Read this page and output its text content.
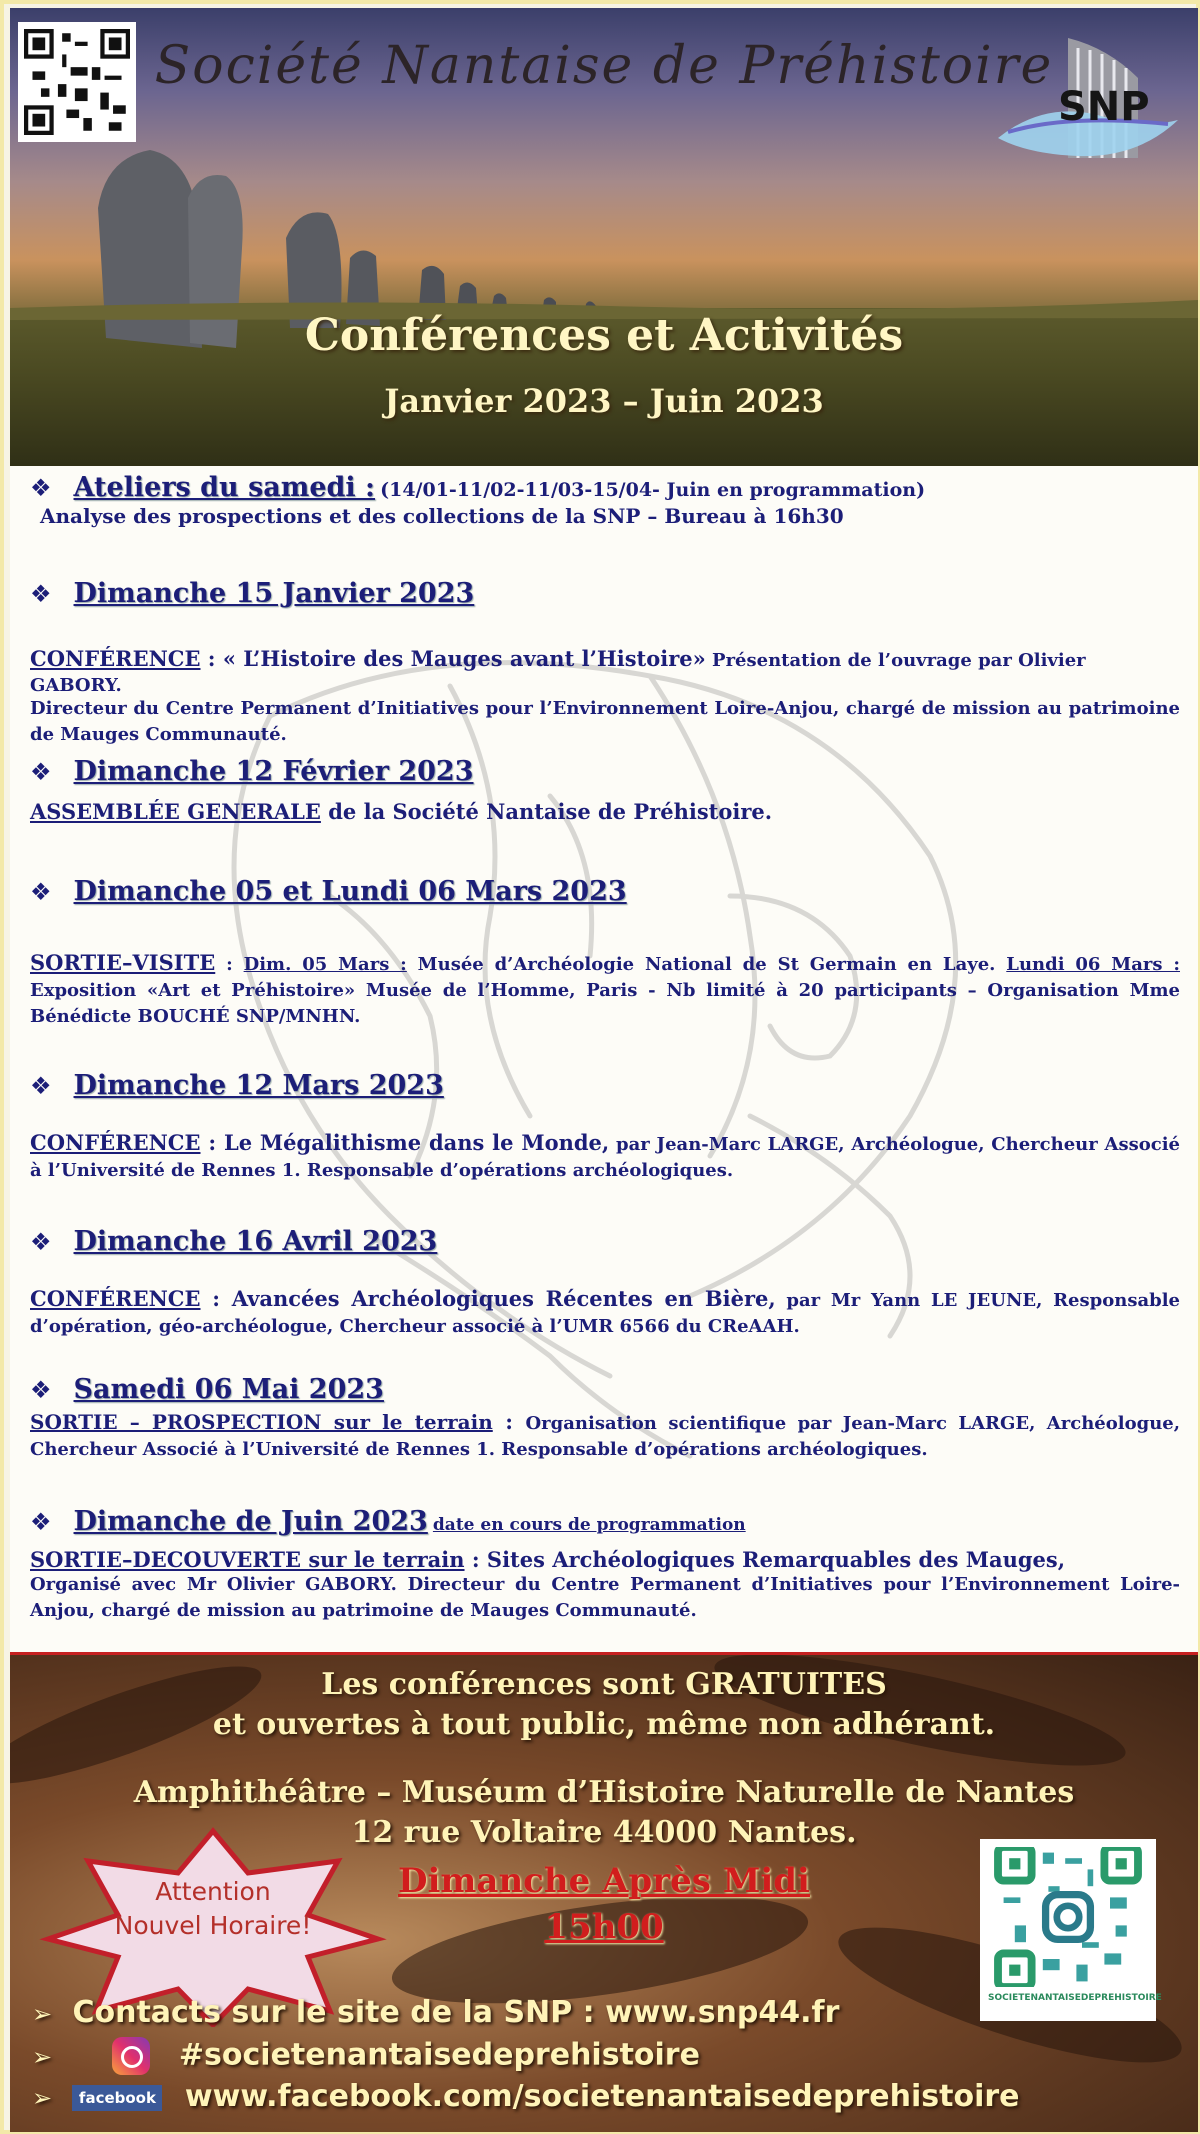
Société Nantaise de Préhistoire
SNP
Conférences et Activités
Janvier 2023 – Juin 2023
❖ Ateliers du samedi : (14/01-11/02-11/03-15/04- Juin en programmation)
Analyse des prospections et des collections de la SNP – Bureau à 16h30
❖ Dimanche 15 Janvier 2023
CONFÉRENCE : « L’Histoire des Mauges avant l’Histoire» Présentation de l’ouvrage par Olivier GABORY.
Directeur du Centre Permanent d’Initiatives pour l’Environnement Loire-Anjou, chargé de mission au patrimoine de Mauges Communauté.
❖ Dimanche 12 Février 2023
ASSEMBLÉE GENERALE de la Société Nantaise de Préhistoire.
❖ Dimanche 05 et Lundi 06 Mars 2023
SORTIE–VISITE : Dim. 05 Mars : Musée d’Archéologie National de St Germain en Laye. Lundi 06 Mars : Exposition «Art et Préhistoire» Musée de l’Homme, Paris - Nb limité à 20 participants – Organisation Mme Bénédicte BOUCHÉ SNP/MNHN.
❖ Dimanche 12 Mars 2023
CONFÉRENCE : Le Mégalithisme dans le Monde, par Jean-Marc LARGE, Archéologue, Chercheur Associé à l’Université de Rennes 1. Responsable d’opérations archéologiques.
❖ Dimanche 16 Avril 2023
CONFÉRENCE : Avancées Archéologiques Récentes en Bière, par Mr Yann LE JEUNE, Responsable d’opération, géo-archéologue, Chercheur associé à l’UMR 6566 du CReAAH.
❖ Samedi 06 Mai 2023
SORTIE – PROSPECTION sur le terrain : Organisation scientifique par Jean-Marc LARGE, Archéologue, Chercheur Associé à l’Université de Rennes 1. Responsable d’opérations archéologiques.
❖ Dimanche de Juin 2023 date en cours de programmation
SORTIE–DECOUVERTE sur le terrain : Sites Archéologiques Remarquables des Mauges,
Organisé avec Mr Olivier GABORY. Directeur du Centre Permanent d’Initiatives pour l’Environnement Loire-Anjou, chargé de mission au patrimoine de Mauges Communauté.
Les conférences sont GRATUITES
et ouvertes à tout public, même non adhérant.
Amphithéâtre – Muséum d’Histoire Naturelle de Nantes
12 rue Voltaire 44000 Nantes.
Dimanche Après Midi
15h00
Attention
Nouvel Horaire!
SOCIETENANTAISEDEPREHISTOIRE
➢ Contacts sur le site de la SNP : www.snp44.fr
➢	#societenantaisedeprehistoire
➢ facebook www.facebook.com/societenantaisedeprehistoire
